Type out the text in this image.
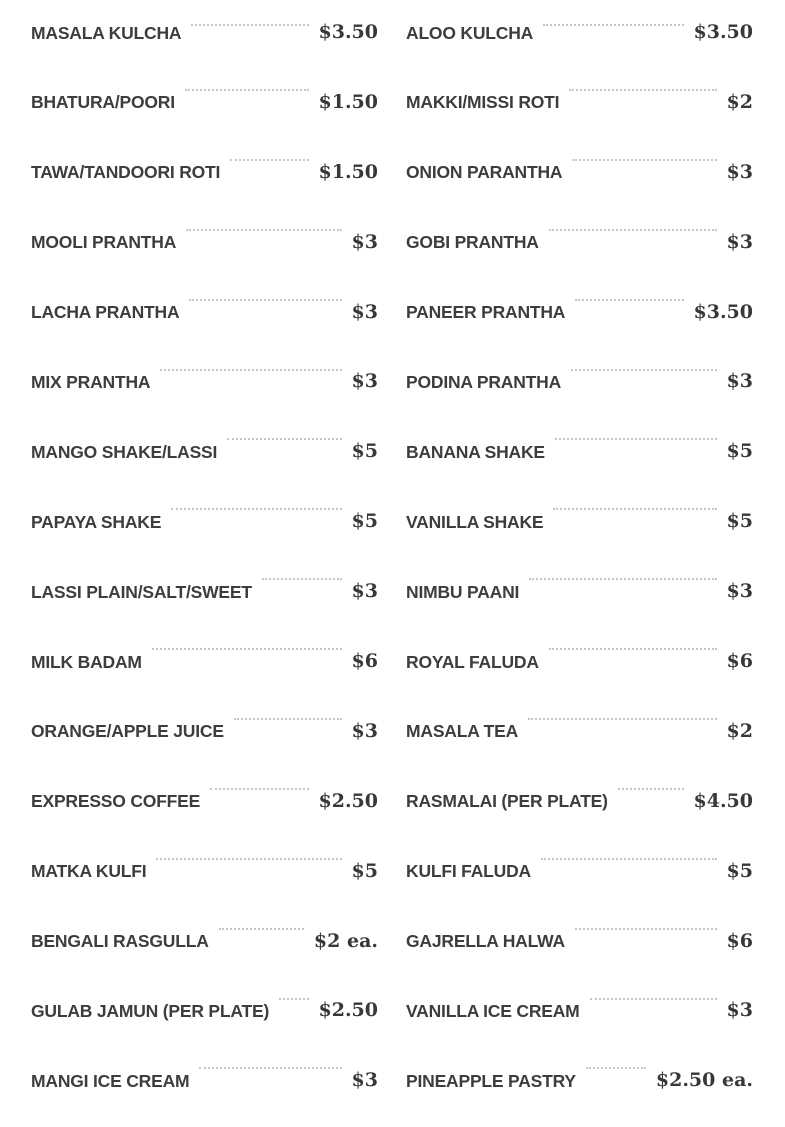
MASALA KULCHA	$3.50
BHATURA/POORI	$1.50
TAWA/TANDOORI ROTI	$1.50
MOOLI PRANTHA	$3
LACHA PRANTHA	$3
MIX PRANTHA	$3
MANGO SHAKE/LASSI	$5
PAPAYA SHAKE	$5
LASSI PLAIN/SALT/SWEET	$3
MILK BADAM	$6
ORANGE/APPLE JUICE	$3
EXPRESSO COFFEE	$2.50
MATKA KULFI	$5
BENGALI RASGULLA	$2 ea.
GULAB JAMUN (PER PLATE)	$2.50
MANGI ICE CREAM	$3
ALOO KULCHA	$3.50
MAKKI/MISSI ROTI	$2
ONION PARANTHA	$3
GOBI PRANTHA	$3
PANEER PRANTHA	$3.50
PODINA PRANTHA	$3
BANANA SHAKE	$5
VANILLA SHAKE	$5
NIMBU PAANI	$3
ROYAL FALUDA	$6
MASALA TEA	$2
RASMALAI (PER PLATE)	$4.50
KULFI FALUDA	$5
GAJRELLA HALWA	$6
VANILLA ICE CREAM	$3
PINEAPPLE PASTRY	$2.50 ea.
